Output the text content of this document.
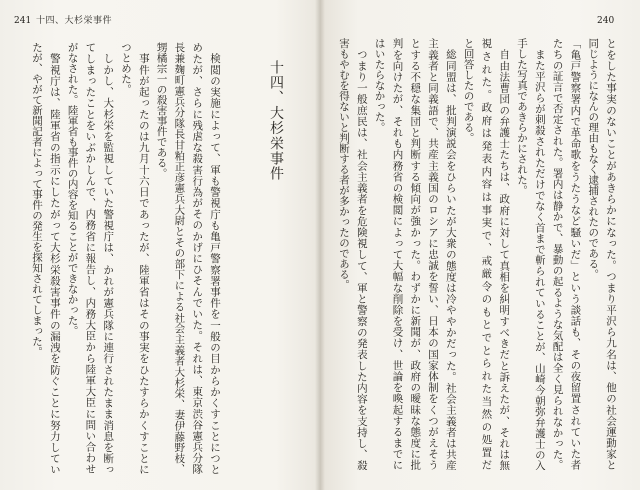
241 十四、大杉栄事件	240
とをした事実のないことがあきらかになった。つまり平沢ら九名は、他の社会運動家と
同じようになんの理由もなく逮捕されたのである。
「亀戸警察署内で革命歌をうたうなど騒いだ」という談話も、その夜留置されていた者
たちの証言で否定された。署内は静かで、暴動の起るような気配は全く見られなかった。
また平沢らが刺殺されただけでなく首まで斬られていることが、山崎今朝弥弁護士の入
手した写真であきらかにされた。
自由法曹団の弁護士たちは、政府に対して真相を糾明すべきだと訴えたが、それは無
視された。政府は発表内容は事実で、戒厳令のもとでとられた当然の処置だ
と回答したのである。
総同盟は、批判演説会をひらいたが大衆の態度は冷ややかだった。社会主義者は共産
主義者と同義語で、共産主義国のロシアに忠誠を誓い、日本の国家体制をくつがえそう
とする不穏な集団と判断する傾向が強かった。わずかに新聞が、政府の曖昧な態度に批
判を向けたが、それも内務省の検閲によって大幅な削除を受け、世論を喚起するまでに
はいたらなかった。
つまり一般庶民は、社会主義者を危険視して、軍と警察の発表した内容を支持し、殺
害もやむを得ないと判断する者が多かったのである。
十四、大杉栄事件
検閲の実施によって、軍も警視庁も亀戸警察署事件を一般の目からかくすことにつと
めたが、さらに残虐な殺害行為がそのかげにひそんでいた。それは、東京渋谷憲兵分隊
長兼麹町憲兵分隊長甘粕正彦憲兵大尉とその部下による社会主義者大杉栄、妻伊藤野枝、
甥橘宗一の殺害事件である。
事件が起ったのは九月十六日であったが、陸軍省はその事実をひたすらかくすことに
つとめた。
しかし、大杉栄を監視していた警視庁は、かれが憲兵隊に連行されたまま消息を断っ
てしまったことをいぶかしんで、内務省に報告し、内務大臣から陸軍大臣に問い合わせ
がなされた。陸軍省も事件の内容を知ることができなかった。
警視庁は、陸軍省の指示にしたがって大杉栄殺害事件の漏洩を防ぐことに努力してい
たが、やがて新聞記者によって事件の発生を探知されてしまった。
